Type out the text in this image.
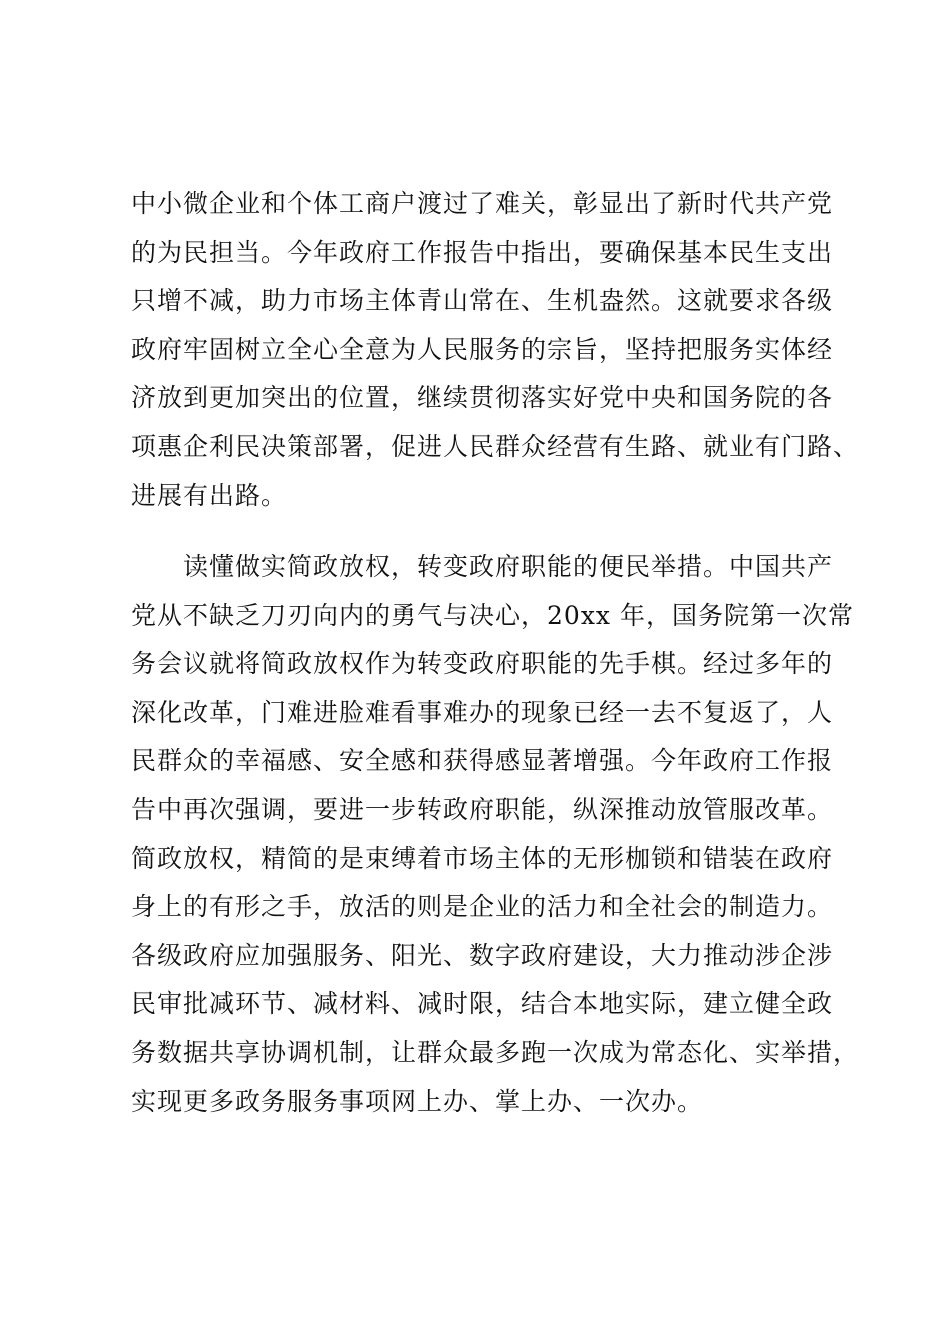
中小微企业和个体工商户渡过了难关，彰显出了新时代共产党
的为民担当。今年政府工作报告中指出，要确保基本民生支出
只增不减，助力市场主体青山常在、生机盎然。这就要求各级
政府牢固树立全心全意为人民服务的宗旨，坚持把服务实体经
济放到更加突出的位置，继续贯彻落实好党中央和国务院的各
项惠企利民决策部署，促进人民群众经营有生路、就业有门路、
进展有出路。
　　读懂做实简政放权，转变政府职能的便民举措。中国共产
党从不缺乏刀刃向内的勇气与决心，20xx 年，国务院第一次常
务会议就将简政放权作为转变政府职能的先手棋。经过多年的
深化改革，门难进脸难看事难办的现象已经一去不复返了，人
民群众的幸福感、安全感和获得感显著增强。今年政府工作报
告中再次强调，要进一步转政府职能，纵深推动放管服改革。
简政放权，精简的是束缚着市场主体的无形枷锁和错装在政府
身上的有形之手，放活的则是企业的活力和全社会的制造力。
各级政府应加强服务、阳光、数字政府建设，大力推动涉企涉
民审批减环节、减材料、减时限，结合本地实际，建立健全政
务数据共享协调机制，让群众最多跑一次成为常态化、实举措，
实现更多政务服务事项网上办、掌上办、一次办。
